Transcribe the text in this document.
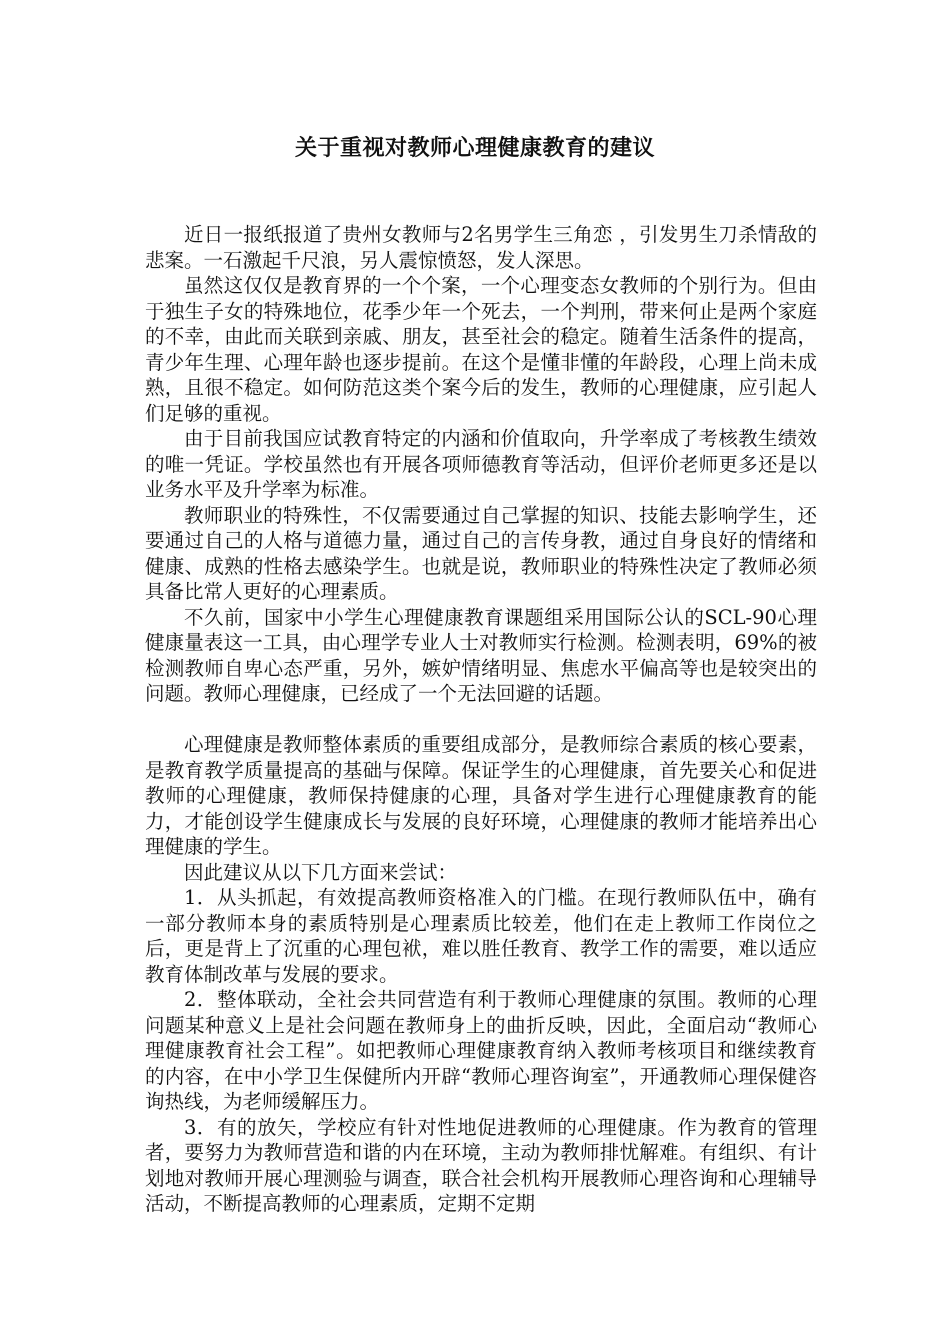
关于重视对教师心理健康教育的建议

近日一报纸报道了贵州女教师与2名男学生三角恋 ，引发男生刀杀情敌的悲案。一石激起千尺浪，另人震惊愤怒，发人深思。

虽然这仅仅是教育界的一个个案，一个心理变态女教师的个别行为。但由于独生子女的特殊地位，花季少年一个死去，一个判刑，带来何止是两个家庭的不幸，由此而关联到亲戚、朋友，甚至社会的稳定。随着生活条件的提高，青少年生理、心理年龄也逐步提前。在这个是懂非懂的年龄段，心理上尚未成熟，且很不稳定。如何防范这类个案今后的发生，教师的心理健康，应引起人们足够的重视。

由于目前我国应试教育特定的内涵和价值取向，升学率成了考核教生绩效的唯一凭证。学校虽然也有开展各项师德教育等活动，但评价老师更多还是以业务水平及升学率为标准。

教师职业的特殊性，不仅需要通过自己掌握的知识、技能去影响学生，还要通过自己的人格与道德力量，通过自己的言传身教，通过自身良好的情绪和健康、成熟的性格去感染学生。也就是说，教师职业的特殊性决定了教师必须具备比常人更好的心理素质。

不久前，国家中小学生心理健康教育课题组采用国际公认的SCL-90心理健康量表这一工具，由心理学专业人士对教师实行检测。检测表明，69%的被检测教师自卑心态严重，另外，嫉妒情绪明显、焦虑水平偏高等也是较突出的问题。教师心理健康，已经成了一个无法回避的话题。

心理健康是教师整体素质的重要组成部分，是教师综合素质的核心要素，是教育教学质量提高的基础与保障。保证学生的心理健康，首先要关心和促进教师的心理健康，教师保持健康的心理，具备对学生进行心理健康教育的能力，才能创设学生健康成长与发展的良好环境，心理健康的教师才能培养出心理健康的学生。

因此建议从以下几方面来尝试：

1．从头抓起，有效提高教师资格准入的门槛。在现行教师队伍中，确有一部分教师本身的素质特别是心理素质比较差，他们在走上教师工作岗位之后，更是背上了沉重的心理包袱，难以胜任教育、教学工作的需要，难以适应教育体制改革与发展的要求。

2．整体联动，全社会共同营造有利于教师心理健康的氛围。教师的心理问题某种意义上是社会问题在教师身上的曲折反映，因此，全面启动“教师心理健康教育社会工程”。如把教师心理健康教育纳入教师考核项目和继续教育的内容，在中小学卫生保健所内开辟“教师心理咨询室”，开通教师心理保健咨询热线，为老师缓解压力。

3．有的放矢，学校应有针对性地促进教师的心理健康。作为教育的管理者，要努力为教师营造和谐的内在环境，主动为教师排忧解难。有组织、有计划地对教师开展心理测验与调查，联合社会机构开展教师心理咨询和心理辅导活动，不断提高教师的心理素质，定期不定期
